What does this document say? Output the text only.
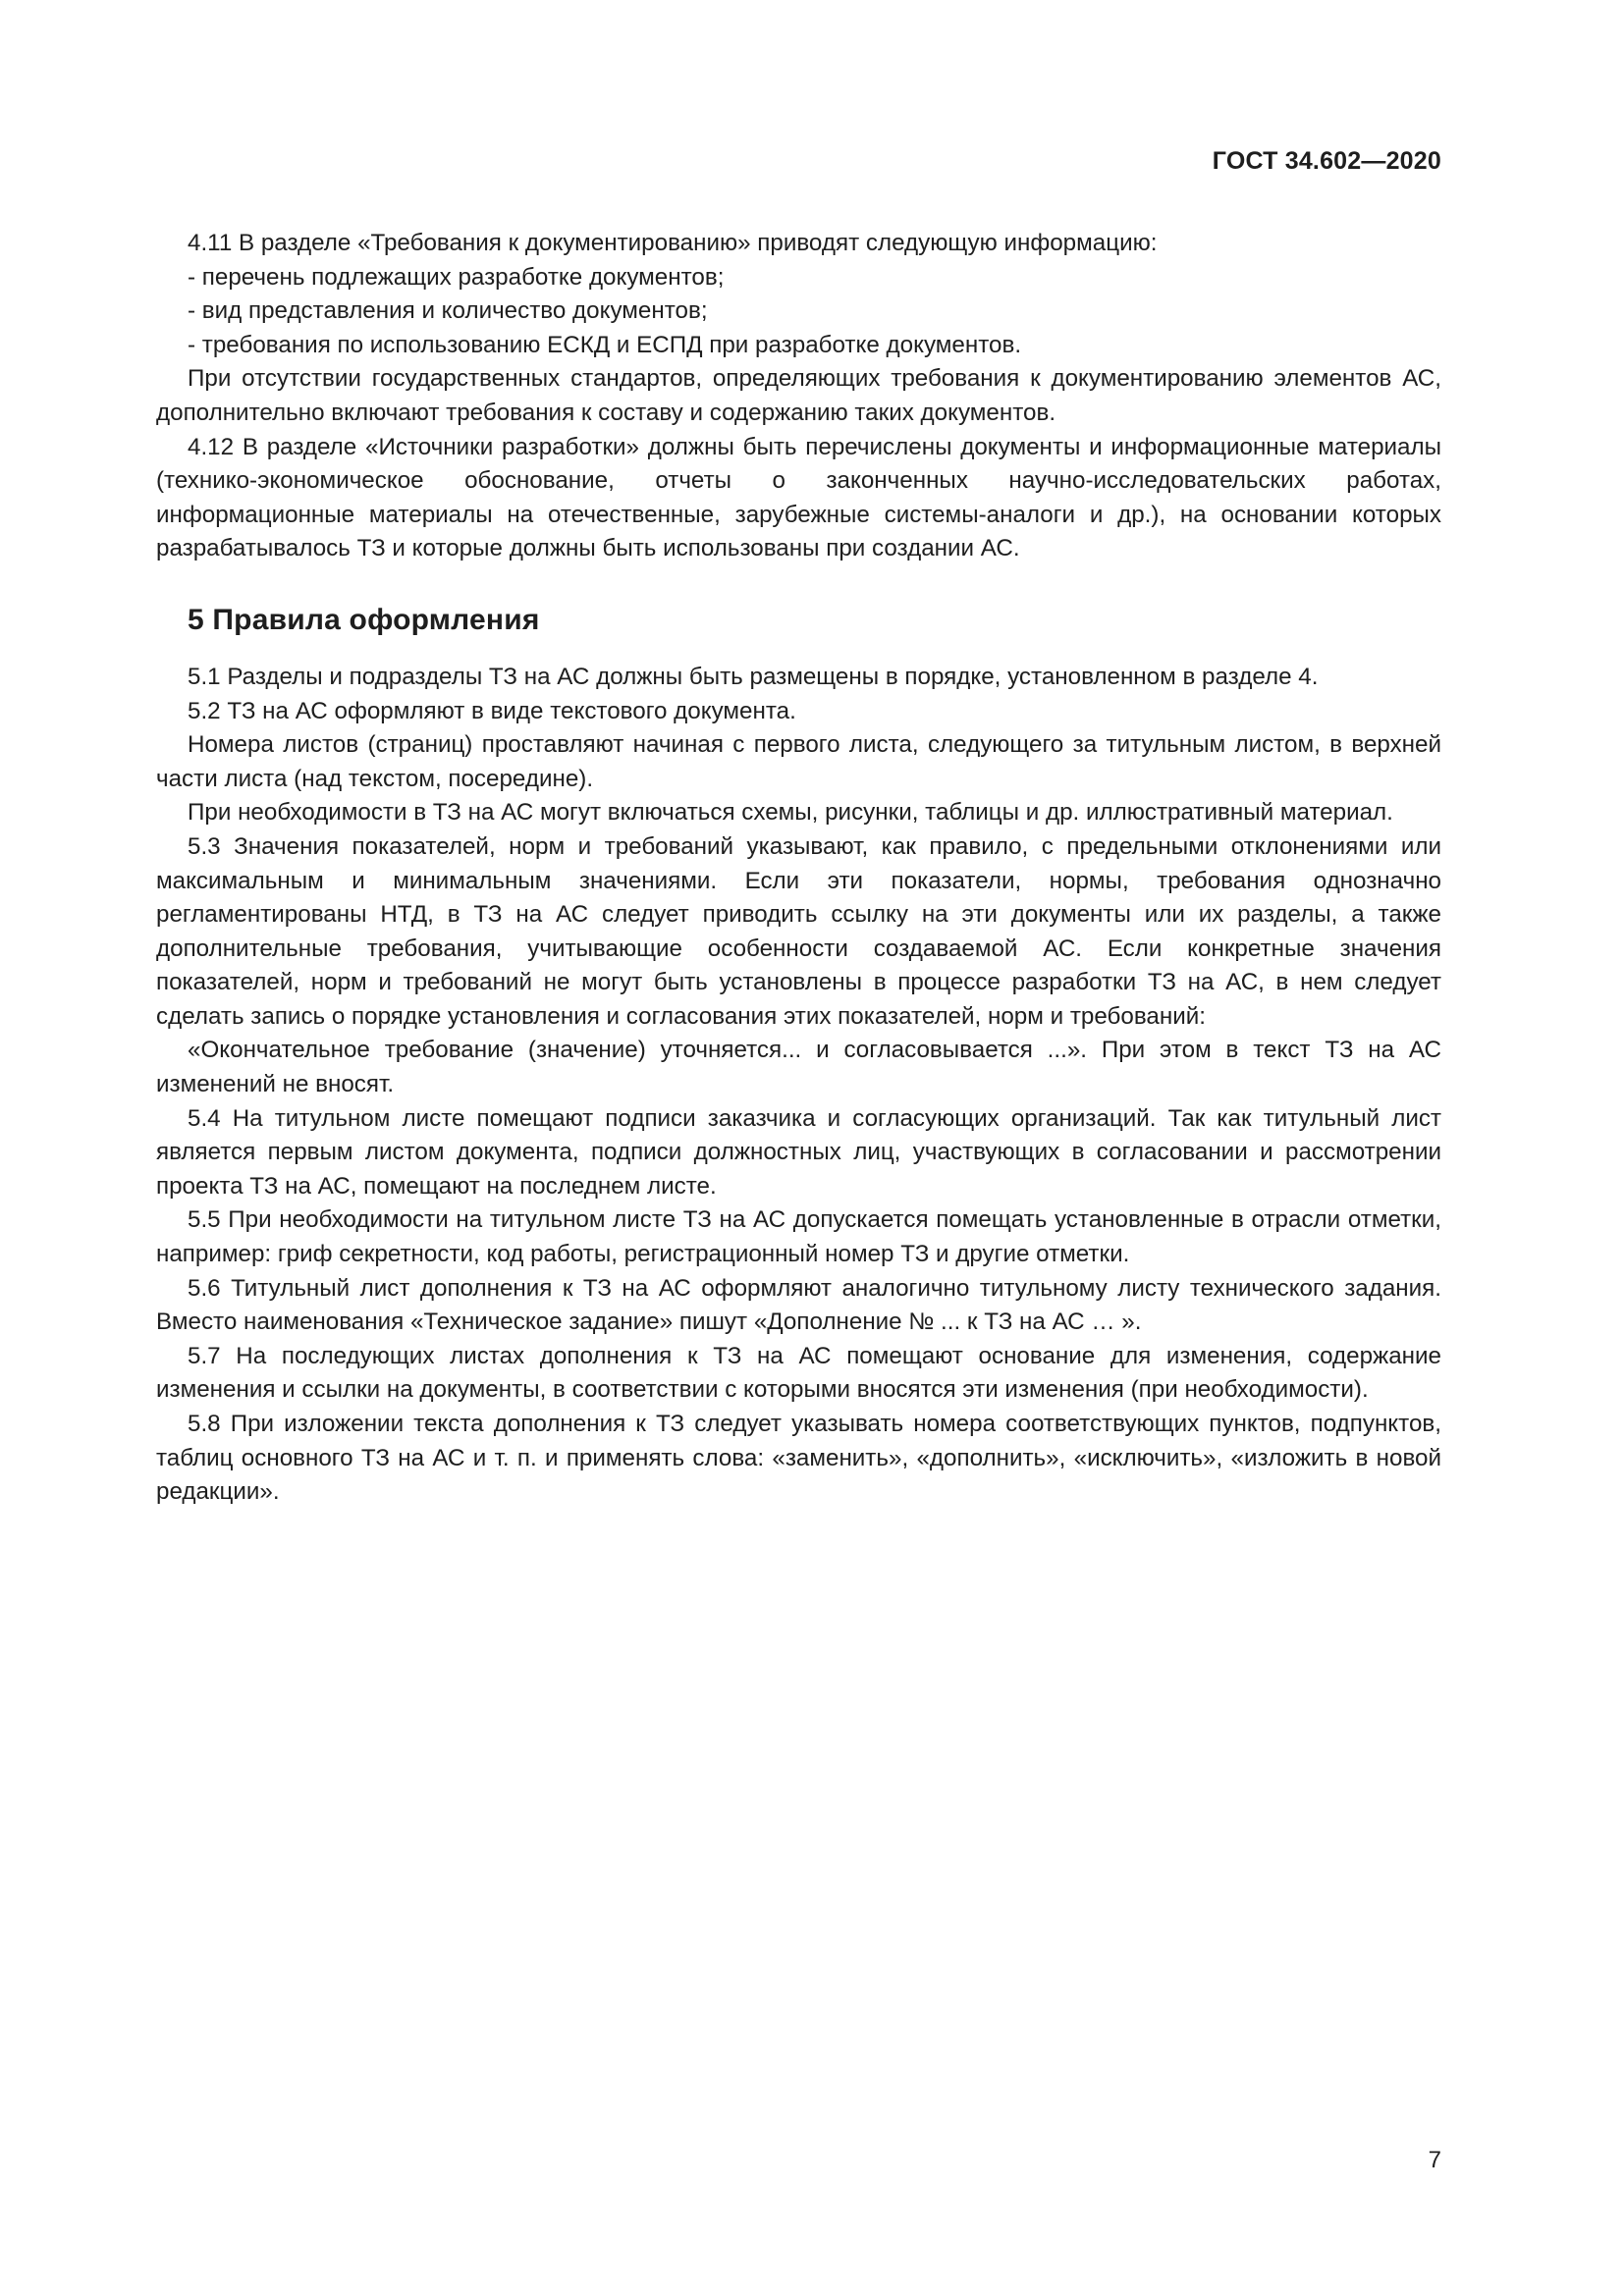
ГОСТ 34.602—2020

4.11 В разделе «Требования к документированию» приводят следующую информацию:

- перечень подлежащих разработке документов;

- вид представления и количество документов;

- требования по использованию ЕСКД и ЕСПД при разработке документов.

При отсутствии государственных стандартов, определяющих требования к документированию элементов АС, дополнительно включают требования к составу и содержанию таких документов.

4.12 В разделе «Источники разработки» должны быть перечислены документы и информационные материалы (технико-экономическое обоснование, отчеты о законченных научно-исследовательских работах, информационные материалы на отечественные, зарубежные системы-аналоги и др.), на основании которых разрабатывалось ТЗ и которые должны быть использованы при создании АС.

5 Правила оформления

5.1 Разделы и подразделы ТЗ на АС должны быть размещены в порядке, установленном в разделе 4.

5.2 ТЗ на АС оформляют в виде текстового документа.

Номера листов (страниц) проставляют начиная с первого листа, следующего за титульным листом, в верхней части листа (над текстом, посередине).

При необходимости в ТЗ на АС могут включаться схемы, рисунки, таблицы и др. иллюстративный материал.

5.3 Значения показателей, норм и требований указывают, как правило, с предельными отклонениями или максимальным и минимальным значениями. Если эти показатели, нормы, требования однозначно регламентированы НТД, в ТЗ на АС следует приводить ссылку на эти документы или их разделы, а также дополнительные требования, учитывающие особенности создаваемой АС. Если конкретные значения показателей, норм и требований не могут быть установлены в процессе разработки ТЗ на АС, в нем следует сделать запись о порядке установления и согласования этих показателей, норм и требований:

«Окончательное требование (значение) уточняется... и согласовывается ...». При этом в текст ТЗ на АС изменений не вносят.

5.4 На титульном листе помещают подписи заказчика и согласующих организаций. Так как титульный лист является первым листом документа, подписи должностных лиц, участвующих в согласовании и рассмотрении проекта ТЗ на АС, помещают на последнем листе.

5.5 При необходимости на титульном листе ТЗ на АС допускается помещать установленные в отрасли отметки, например: гриф секретности, код работы, регистрационный номер ТЗ и другие отметки.

5.6 Титульный лист дополнения к ТЗ на АС оформляют аналогично титульному листу технического задания. Вместо наименования «Техническое задание» пишут «Дополнение № ... к ТЗ на АС … ».

5.7 На последующих листах дополнения к ТЗ на АС помещают основание для изменения, содержание изменения и ссылки на документы, в соответствии с которыми вносятся эти изменения (при необходимости).

5.8 При изложении текста дополнения к ТЗ следует указывать номера соответствующих пунктов, подпунктов, таблиц основного ТЗ на АС и т. п. и применять слова: «заменить», «дополнить», «исключить», «изложить в новой редакции».

7
